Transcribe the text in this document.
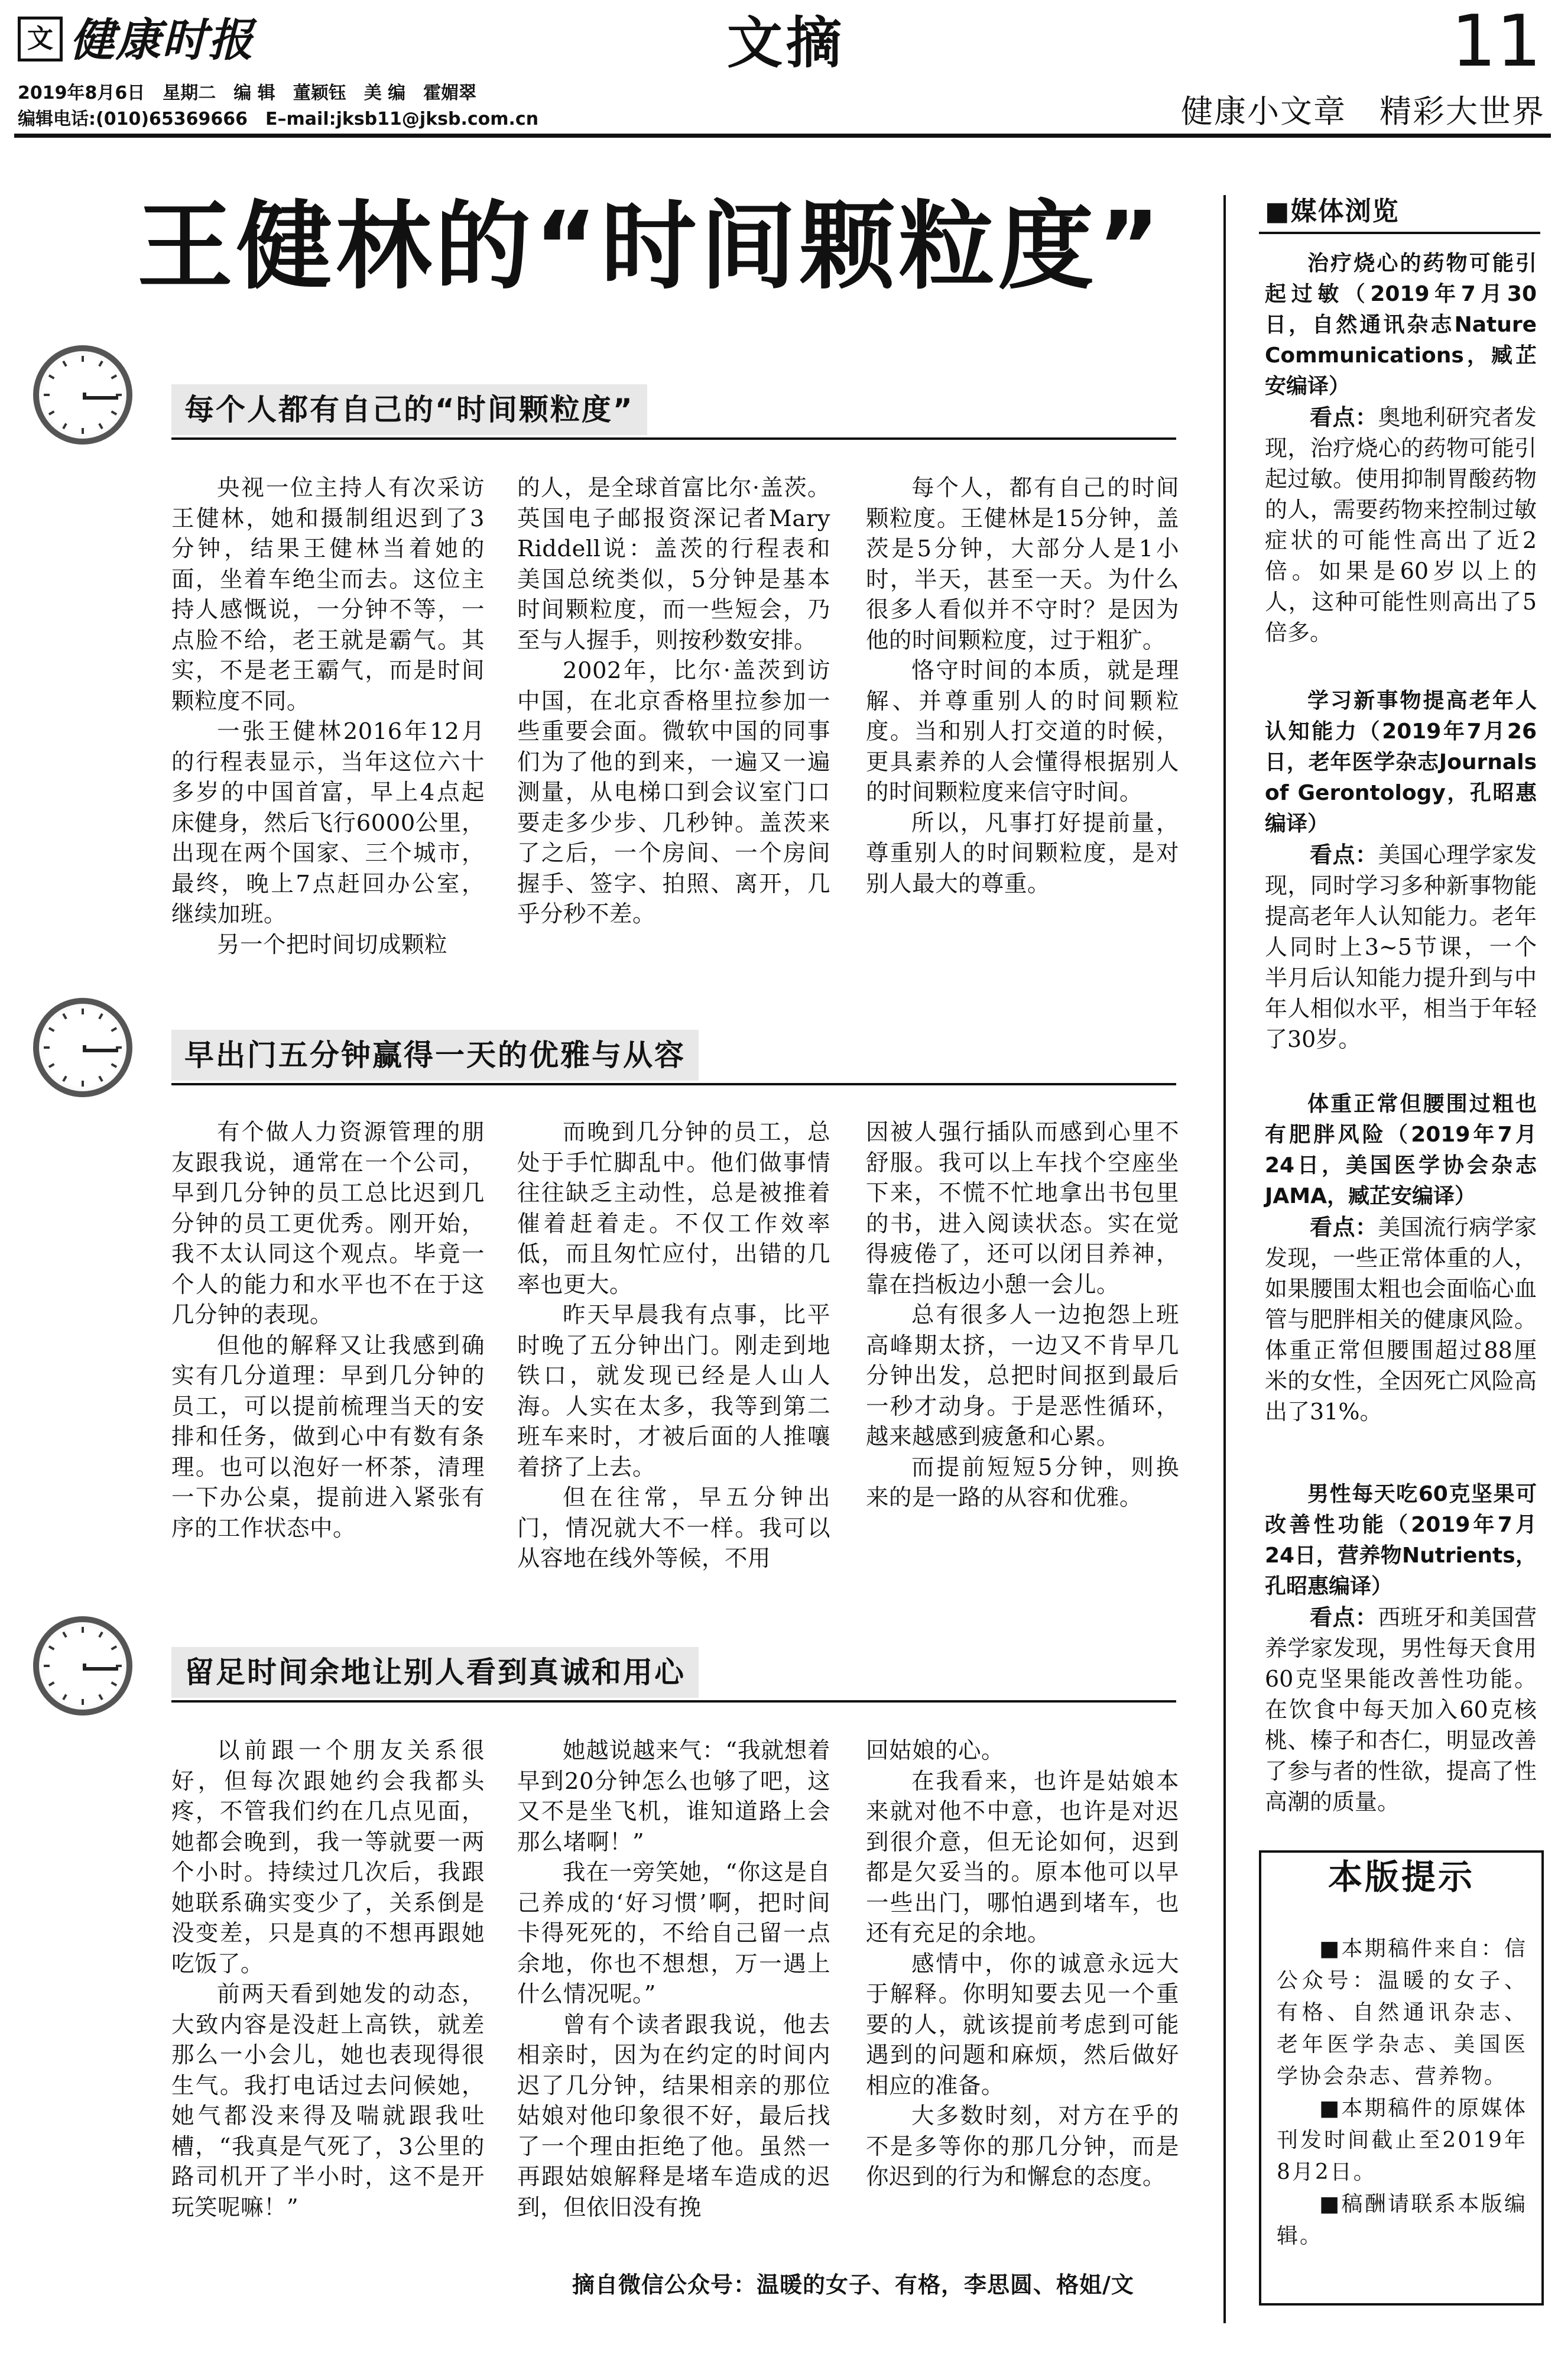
文 健康时报	文摘	11
2019年8月6日　星期二　编 辑　董颖钰　美 编　霍媚翠
编辑电话:(010)65369666　E–mail:jksb11@jksb.com.cn	健康小文章　精彩大世界
王健林的“时间颗粒度”
每个人都有自己的“时间颗粒度”

央视一位主持人有次采访王健林，她和摄制组迟到了3分钟，结果王健林当着她的面，坐着车绝尘而去。这位主持人感慨说，一分钟不等，一点脸不给，老王就是霸气。其实，不是老王霸气，而是时间颗粒度不同。

一张王健林2016年12月的行程表显示，当年这位六十多岁的中国首富，早上4点起床健身，然后飞行6000公里，出现在两个国家、三个城市，最终，晚上7点赶回办公室，继续加班。

另一个把时间切成颗粒

的人，是全球首富比尔·盖茨。英国电子邮报资深记者Mary Riddell说：盖茨的行程表和美国总统类似，5分钟是基本时间颗粒度，而一些短会，乃至与人握手，则按秒数安排。

2002年，比尔·盖茨到访中国，在北京香格里拉参加一些重要会面。微软中国的同事们为了他的到来，一遍又一遍测量，从电梯口到会议室门口要走多少步、几秒钟。盖茨来了之后，一个房间、一个房间握手、签字、拍照、离开，几乎分秒不差。

每个人，都有自己的时间颗粒度。王健林是15分钟，盖茨是5分钟，大部分人是1小时，半天，甚至一天。为什么很多人看似并不守时？是因为他的时间颗粒度，过于粗犷。

恪守时间的本质，就是理解、并尊重别人的时间颗粒度。当和别人打交道的时候，更具素养的人会懂得根据别人的时间颗粒度来信守时间。

所以，凡事打好提前量，尊重别人的时间颗粒度，是对别人最大的尊重。

早出门五分钟赢得一天的优雅与从容

有个做人力资源管理的朋友跟我说，通常在一个公司，早到几分钟的员工总比迟到几分钟的员工更优秀。刚开始，我不太认同这个观点。毕竟一个人的能力和水平也不在于这几分钟的表现。

但他的解释又让我感到确实有几分道理：早到几分钟的员工，可以提前梳理当天的安排和任务，做到心中有数有条理。也可以泡好一杯茶，清理一下办公桌，提前进入紧张有序的工作状态中。

而晚到几分钟的员工，总处于手忙脚乱中。他们做事情往往缺乏主动性，总是被推着催着赶着走。不仅工作效率低，而且匆忙应付，出错的几率也更大。

昨天早晨我有点事，比平时晚了五分钟出门。刚走到地铁口，就发现已经是人山人海。人实在太多，我等到第二班车来时，才被后面的人推嚷着挤了上去。

但在往常，早五分钟出门，情况就大不一样。我可以从容地在线外等候，不用

因被人强行插队而感到心里不舒服。我可以上车找个空座坐下来，不慌不忙地拿出书包里的书，进入阅读状态。实在觉得疲倦了，还可以闭目养神，靠在挡板边小憩一会儿。

总有很多人一边抱怨上班高峰期太挤，一边又不肯早几分钟出发，总把时间抠到最后一秒才动身。于是恶性循环，越来越感到疲惫和心累。

而提前短短5分钟，则换来的是一路的从容和优雅。

留足时间余地让别人看到真诚和用心

以前跟一个朋友关系很好，但每次跟她约会我都头疼，不管我们约在几点见面，她都会晚到，我一等就要一两个小时。持续过几次后，我跟她联系确实变少了，关系倒是没变差，只是真的不想再跟她吃饭了。

前两天看到她发的动态，大致内容是没赶上高铁，就差那么一小会儿，她也表现得很生气。我打电话过去问候她，她气都没来得及喘就跟我吐槽，“我真是气死了，3公里的路司机开了半小时，这不是开玩笑呢嘛！”

她越说越来气：“我就想着早到20分钟怎么也够了吧，这又不是坐飞机，谁知道路上会那么堵啊！”

我在一旁笑她，“你这是自己养成的‘好习惯’啊，把时间卡得死死的，不给自己留一点余地，你也不想想，万一遇上什么情况呢。”

曾有个读者跟我说，他去相亲时，因为在约定的时间内迟了几分钟，结果相亲的那位姑娘对他印象很不好，最后找了一个理由拒绝了他。虽然一再跟姑娘解释是堵车造成的迟到，但依旧没有挽

回姑娘的心。

在我看来，也许是姑娘本来就对他不中意，也许是对迟到很介意，但无论如何，迟到都是欠妥当的。原本他可以早一些出门，哪怕遇到堵车，也还有充足的余地。

感情中，你的诚意永远大于解释。你明知要去见一个重要的人，就该提前考虑到可能遇到的问题和麻烦，然后做好相应的准备。

大多数时刻，对方在乎的不是多等你的那几分钟，而是你迟到的行为和懈怠的态度。

摘自微信公众号：温暖的女子、有格，李思圆、格姐/文
■媒体浏览

治疗烧心的药物可能引起过敏（2019年7月30日，自然通讯杂志Nature Communications，臧芷安编译）

看点：奥地利研究者发现，治疗烧心的药物可能引起过敏。使用抑制胃酸药物的人，需要药物来控制过敏症状的可能性高出了近2倍。如果是60岁以上的人，这种可能性则高出了5倍多。

学习新事物提高老年人认知能力（2019年7月26日，老年医学杂志Journals of Gerontology，孔昭惠编译）

看点：美国心理学家发现，同时学习多种新事物能提高老年人认知能力。老年人同时上3~5节课，一个半月后认知能力提升到与中年人相似水平，相当于年轻了30岁。

体重正常但腰围过粗也有肥胖风险（2019年7月24日，美国医学协会杂志JAMA，臧芷安编译）

看点：美国流行病学家发现，一些正常体重的人，如果腰围太粗也会面临心血管与肥胖相关的健康风险。体重正常但腰围超过88厘米的女性，全因死亡风险高出了31%。

男性每天吃60克坚果可改善性功能（2019年7月24日，营养物Nutrients，孔昭惠编译）

看点：西班牙和美国营养学家发现，男性每天食用60克坚果能改善性功能。在饮食中每天加入60克核桃、榛子和杏仁，明显改善了参与者的性欲，提高了性高潮的质量。

本版提示

■本期稿件来自：信公众号：温暖的女子、有格、自然通讯杂志、老年医学杂志、美国医学协会杂志、营养物。

■本期稿件的原媒体刊发时间截止至2019年8月2日。

■稿酬请联系本版编辑。
